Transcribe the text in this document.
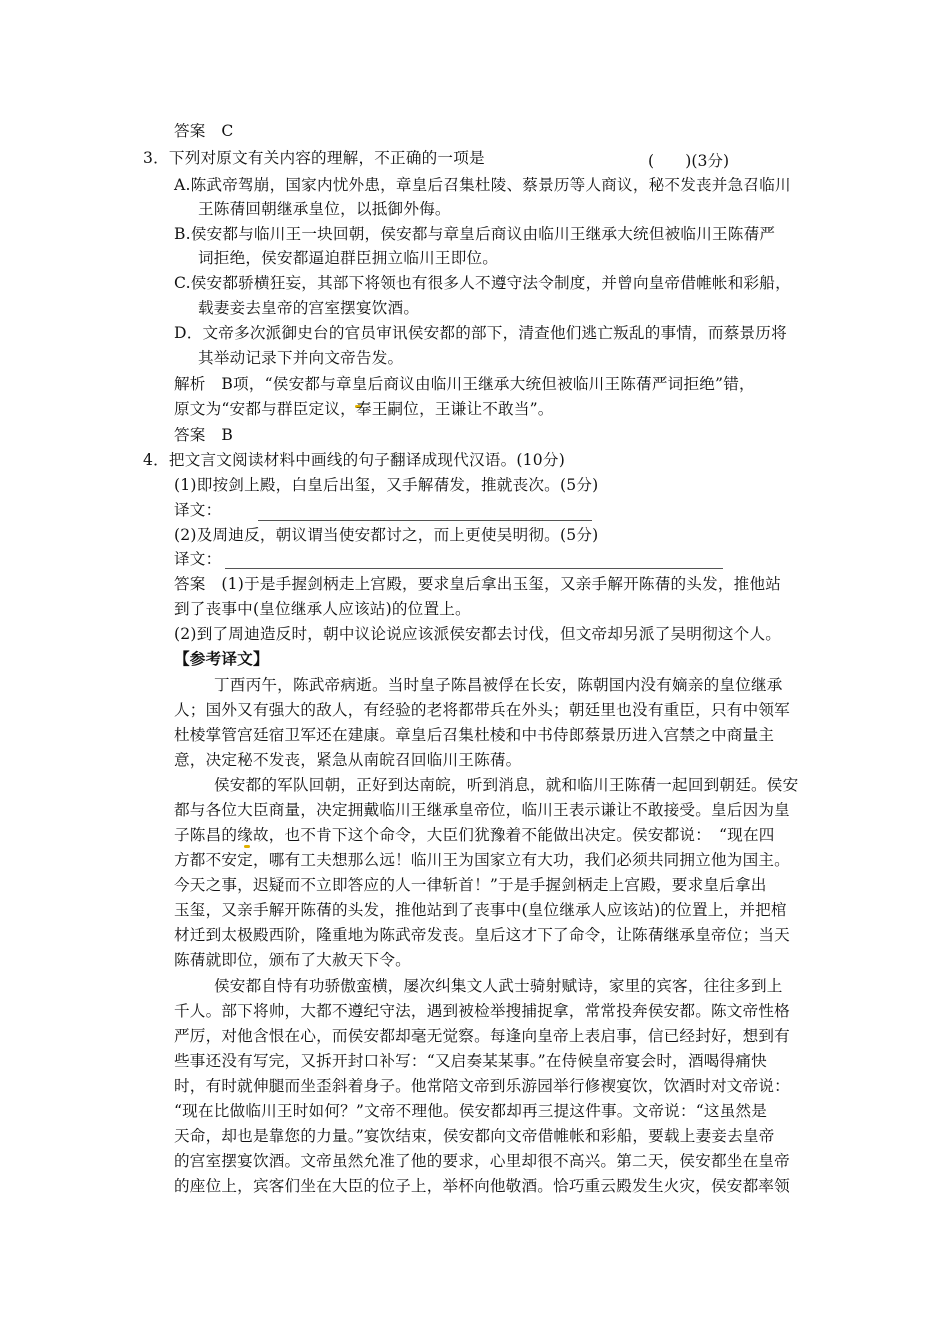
答案　C
3．下列对原文有关内容的理解，不正确的一项是	(　　)(3分)
A.陈武帝驾崩，国家内忧外患，章皇后召集杜陵、蔡景历等人商议，秘不发丧并急召临川
王陈蒨回朝继承皇位，以抵御外侮。
B.侯安都与临川王一块回朝，侯安都与章皇后商议由临川王继承大统但被临川王陈蒨严
词拒绝，侯安都逼迫群臣拥立临川王即位。
C.侯安都骄横狂妄，其部下将领也有很多人不遵守法令制度，并曾向皇帝借帷帐和彩船，
载妻妾去皇帝的宫室摆宴饮酒。
D．文帝多次派御史台的官员审讯侯安都的部下，清查他们逃亡叛乱的事情，而蔡景历将
其举动记录下并向文帝告发。
解析　B项，“侯安都与章皇后商议由临川王继承大统但被临川王陈蒨严词拒绝”错，
原文为“安都与群臣定议，奉王嗣位，王谦让不敢当”。
答案　B
4．把文言文阅读材料中画线的句子翻译成现代汉语。(10分)
(1)即按剑上殿，白皇后出玺，又手解蒨发，推就丧次。(5分)
译文：
(2)及周迪反，朝议谓当使安都讨之，而上更使吴明彻。(5分)
译文：
答案　(1)于是手握剑柄走上宫殿，要求皇后拿出玉玺，又亲手解开陈蒨的头发，推他站
到了丧事中(皇位继承人应该站)的位置上。
(2)到了周迪造反时，朝中议论说应该派侯安都去讨伐，但文帝却另派了吴明彻这个人。
【参考译文】
丁酉丙午，陈武帝病逝。当时皇子陈昌被俘在长安，陈朝国内没有嫡亲的皇位继承
人；国外又有强大的敌人，有经验的老将都带兵在外头；朝廷里也没有重臣，只有中领军
杜棱掌管宫廷宿卫军还在建康。章皇后召集杜棱和中书侍郎蔡景历进入宫禁之中商量主
意，决定秘不发丧，紧急从南皖召回临川王陈蒨。
侯安都的军队回朝，正好到达南皖，听到消息，就和临川王陈蒨一起回到朝廷。侯安
都与各位大臣商量，决定拥戴临川王继承皇帝位，临川王表示谦让不敢接受。皇后因为皇
子陈昌的缘故，也不肯下这个命令，大臣们犹豫着不能做出决定。侯安都说：　“现在四
方都不安定，哪有工夫想那么远！临川王为国家立有大功，我们必须共同拥立他为国主。
今天之事，迟疑而不立即答应的人一律斩首！”于是手握剑柄走上宫殿，要求皇后拿出
玉玺，又亲手解开陈蒨的头发，推他站到了丧事中(皇位继承人应该站)的位置上，并把棺
材迁到太极殿西阶，隆重地为陈武帝发丧。皇后这才下了命令，让陈蒨继承皇帝位；当天
陈蒨就即位，颁布了大赦天下令。
侯安都自恃有功骄傲蛮横，屡次纠集文人武士骑射赋诗，家里的宾客，往往多到上
千人。部下将帅，大都不遵纪守法，遇到被检举搜捕捉拿，常常投奔侯安都。陈文帝性格
严厉，对他含恨在心，而侯安都却毫无觉察。每逢向皇帝上表启事，信已经封好，想到有
些事还没有写完，又拆开封口补写：“又启奏某某事。”在侍候皇帝宴会时，酒喝得痛快
时，有时就伸腿而坐歪斜着身子。他常陪文帝到乐游园举行修褉宴饮，饮酒时对文帝说：
“现在比做临川王时如何？”文帝不理他。侯安都却再三提这件事。文帝说：“这虽然是
天命，却也是靠您的力量。”宴饮结束，侯安都向文帝借帷帐和彩船，要载上妻妾去皇帝
的宫室摆宴饮酒。文帝虽然允准了他的要求，心里却很不高兴。第二天，侯安都坐在皇帝
的座位上，宾客们坐在大臣的位子上，举杯向他敬酒。恰巧重云殿发生火灾，侯安都率领
